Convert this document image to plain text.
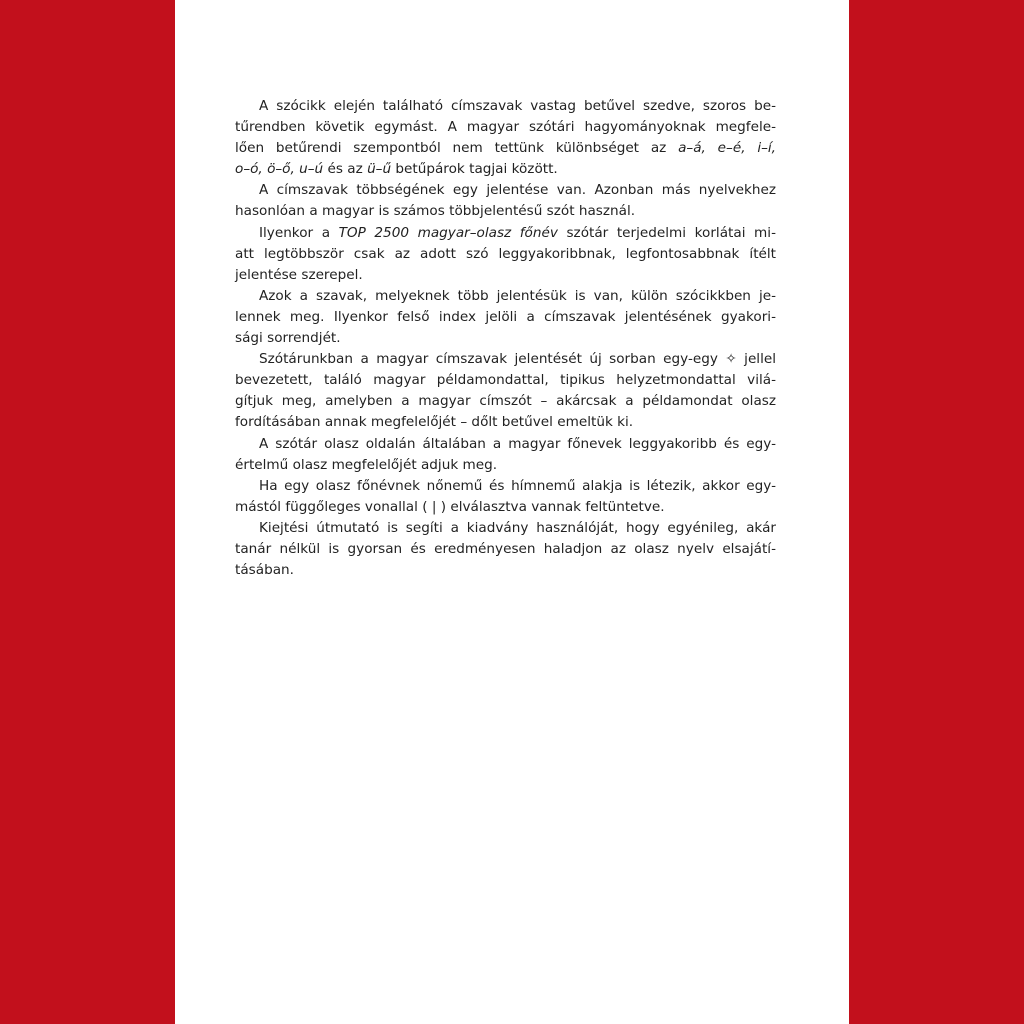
A szócikk elején található címszavak vastag betűvel szedve, szoros be-
tűrendben követik egymást. A magyar szótári hagyományoknak megfele-
lően betűrendi szempontból nem tettünk különbséget az a–á, e–é, i–í,
o–ó, ö–ő, u–ú és az ü–ű betűpárok tagjai között.
A címszavak többségének egy jelentése van. Azonban más nyelvekhez
hasonlóan a magyar is számos többjelentésű szót használ.
Ilyenkor a TOP 2500 magyar–olasz főnév szótár terjedelmi korlátai mi-
att legtöbbször csak az adott szó leggyakoribbnak, legfontosabbnak ítélt
jelentése szerepel.
Azok a szavak, melyeknek több jelentésük is van, külön szócikkben je-
lennek meg. Ilyenkor felső index jelöli a címszavak jelentésének gyakori-
sági sorrendjét.
Szótárunkban a magyar címszavak jelentését új sorban egy-egy ✧ jellel
bevezetett, találó magyar példamondattal, tipikus helyzetmondattal vilá-
gítjuk meg, amelyben a magyar címszót – akárcsak a példamondat olasz
fordításában annak megfelelőjét – dőlt betűvel emeltük ki.
A szótár olasz oldalán általában a magyar főnevek leggyakoribb és egy-
értelmű olasz megfelelőjét adjuk meg.
Ha egy olasz főnévnek nőnemű és hímnemű alakja is létezik, akkor egy-
mástól függőleges vonallal ( | ) elválasztva vannak feltüntetve.
Kiejtési útmutató is segíti a kiadvány használóját, hogy egyénileg, akár
tanár nélkül is gyorsan és eredményesen haladjon az olasz nyelv elsajátí-
tásában.
